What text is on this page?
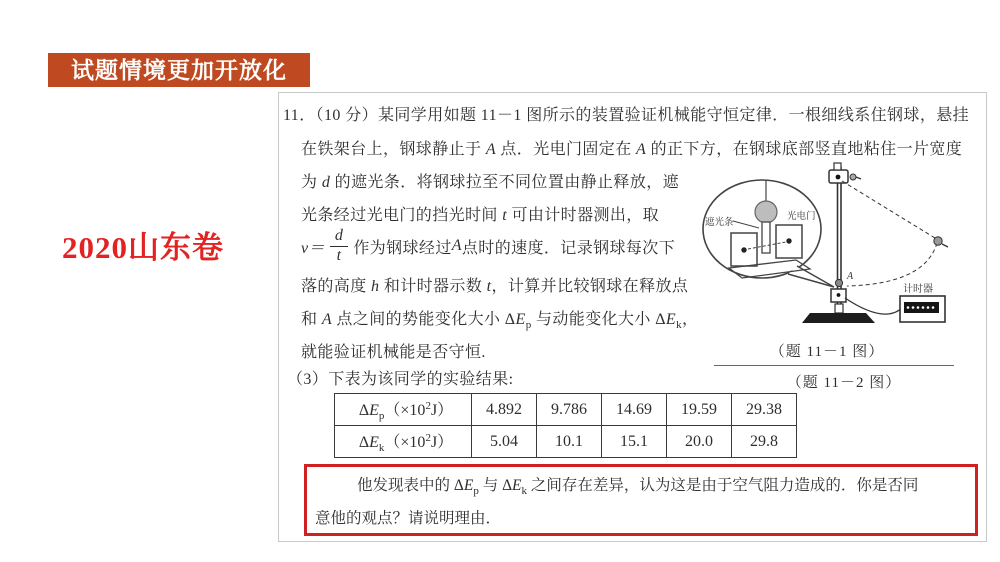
试题情境更加开放化
2020山东卷
11．（10 分）某同学用如题 11－1 图所示的装置验证机械能守恒定律．一根细线系住钢球，悬挂
在铁架台上，钢球静止于 A 点．光电门固定在 A 的正下方，在钢球底部竖直地粘住一片宽度
为 d 的遮光条．将钢球拉至不同位置由静止释放，遮
光条经过光电门的挡光时间 t 可由计时器测出，取
$v= \frac{d}{t}$ 作为钢球经过 A 点时的速度．记录钢球每次下
落的高度 h 和计时器示数 t，计算并比较钢球在释放点
和 A 点之间的势能变化大小 $\Delta E_p$ 与动能变化大小 $\Delta E_k$，
就能验证机械能是否守恒.
（3）下表为该同学的实验结果:
A
计时器
遮光条
光电门
（题 11－1 图）
（题 11－2 图）
$\Delta E_p(\times 10^2J)$	4.892	9.786	14.69	19.59	29.38
$\Delta E_k(\times 10^2J)$	5.04	10.1	15.1	20.0	29.8
他发现表中的 $\Delta E_p$ 与 $\Delta E_k$ 之间存在差异，认为这是由于空气阻力造成的．你是否同
意他的观点？请说明理由．
